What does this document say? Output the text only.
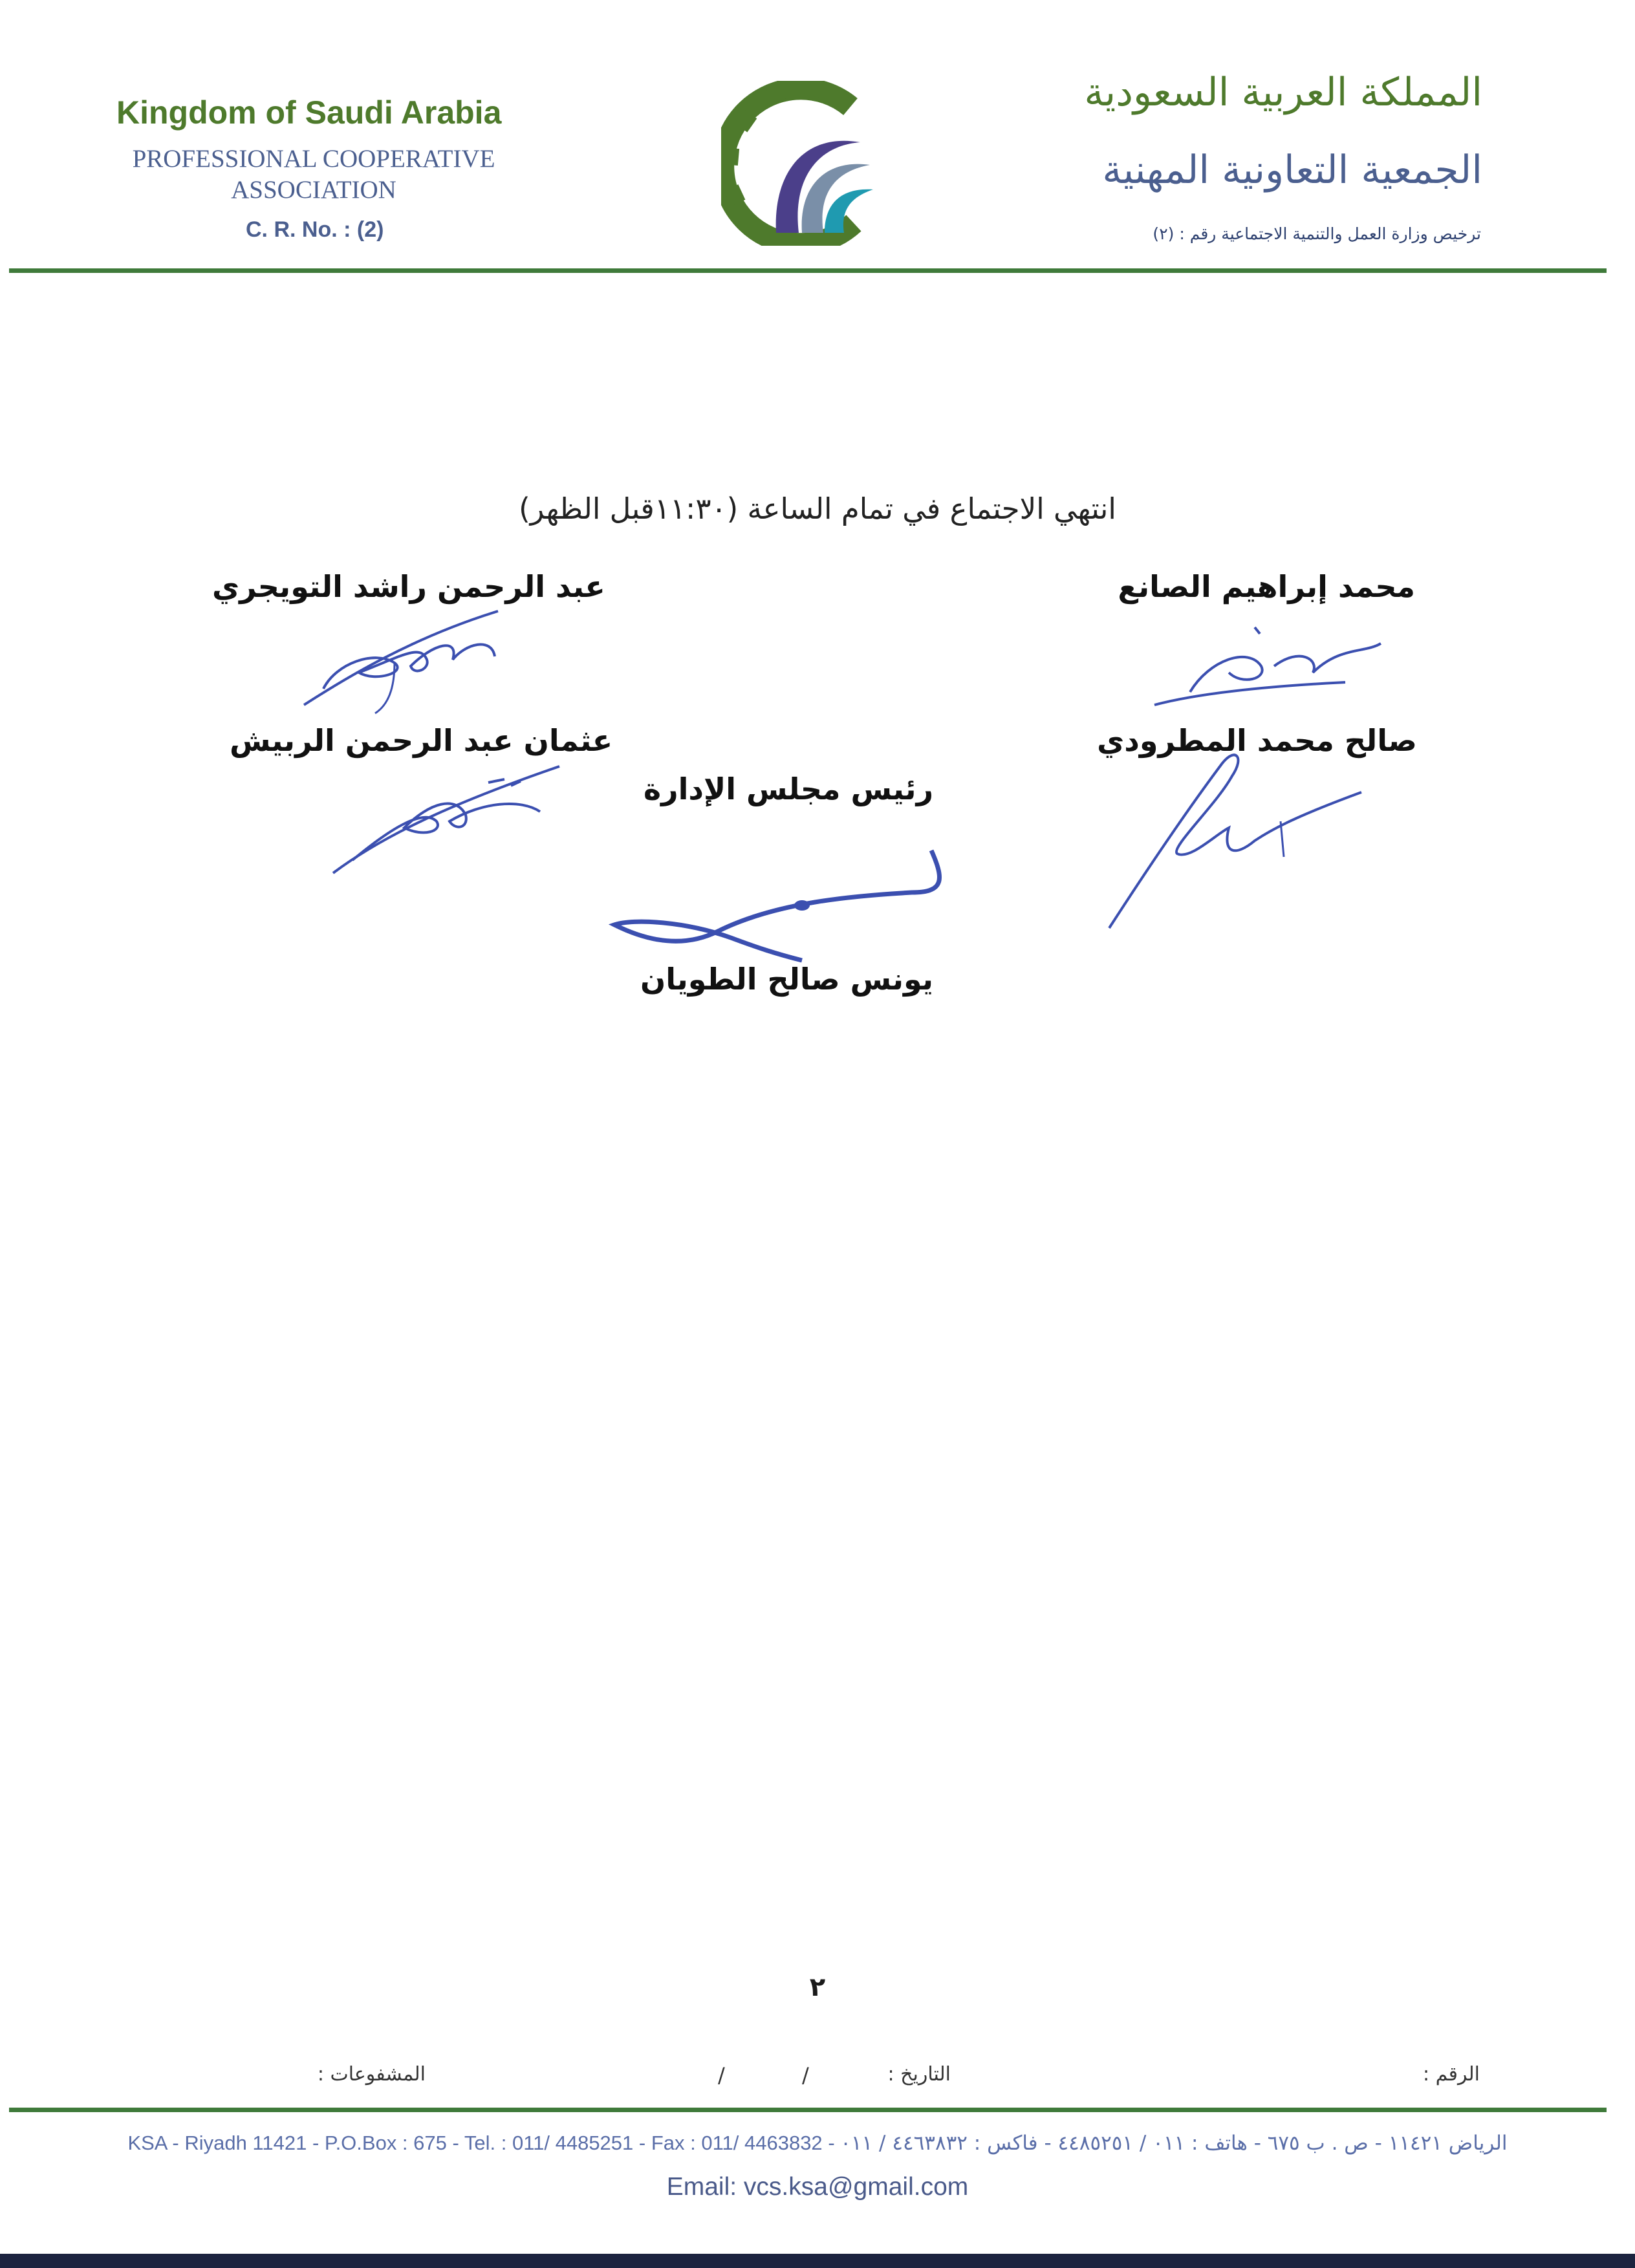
Kingdom of Saudi Arabia
PROFESSIONAL COOPERATIVE ASSOCIATION
C. R. No. : (2)
المملكة العربية السعودية
الجمعية التعاونية المهنية
ترخيص وزارة العمل والتنمية الاجتماعية رقم : (٢)
انتهي الاجتماع في تمام الساعة (١١:٣٠قبل الظهر)
محمد إبراهيم الصانع
عبد الرحمن راشد التويجري
صالح محمد المطرودي
عثمان عبد الرحمن الربيش
رئيس مجلس الإدارة
يونس صالح الطويان
٢
الرقم :
التاريخ :
/
/
المشفوعات :
KSA - Riyadh 11421 - P.O.Box : 675 - Tel. : 011/ 4485251 - Fax : 011/ 4463832 - الرياض ١١٤٢١ - ص . ب ٦٧٥ - هاتف : ٠١١ / ٤٤٨٥٢٥١ - فاكس : ٤٤٦٣٨٣٢ / ٠١١
Email: vcs.ksa@gmail.com
